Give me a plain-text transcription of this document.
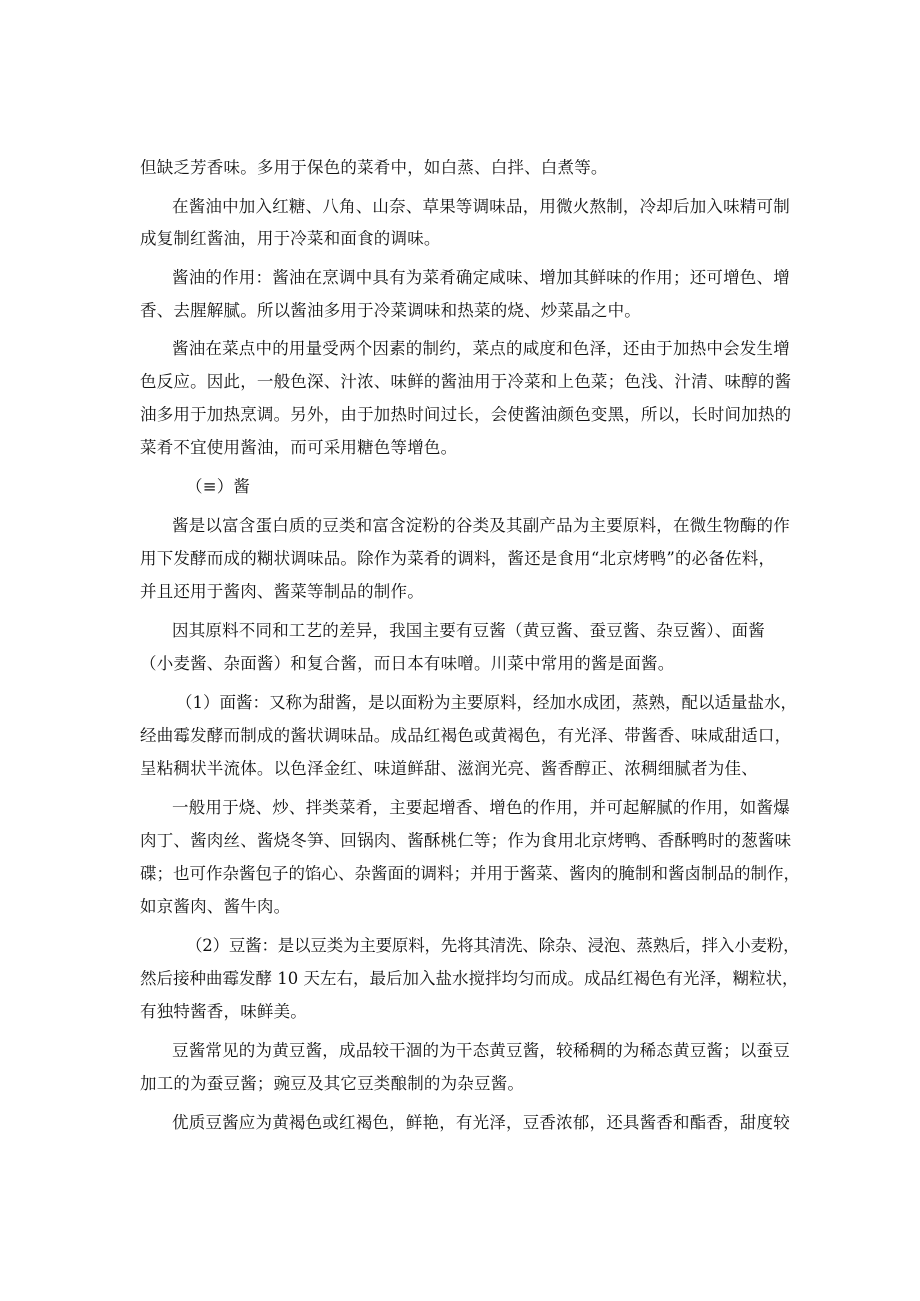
但缺乏芳香味。多用于保色的菜肴中，如白蒸、白拌、白煮等。
在酱油中加入红糖、八角、山奈、草果等调味品，用微火熬制，冷却后加入味精可制
成复制红酱油，用于冷菜和面食的调味。
酱油的作用：酱油在烹调中具有为菜肴确定咸味、增加其鲜味的作用；还可增色、增
香、去腥解腻。所以酱油多用于冷菜调味和热菜的烧、炒菜晶之中。
酱油在菜点中的用量受两个因素的制约，菜点的咸度和色泽，还由于加热中会发生增
色反应。因此，一般色深、汁浓、味鲜的酱油用于冷菜和上色菜；色浅、汁清、味醇的酱
油多用于加热烹调。另外，由于加热时间过长，会使酱油颜色变黑，所以，长时间加热的
菜肴不宜使用酱油，而可采用糖色等增色。
（≡）酱
酱是以富含蛋白质的豆类和富含淀粉的谷类及其副产品为主要原料，在微生物酶的作
用下发酵而成的糊状调味品。除作为菜肴的调料，酱还是食用“北京烤鸭”的必备佐料，
并且还用于酱肉、酱菜等制品的制作。
因其原料不同和工艺的差异，我国主要有豆酱（黄豆酱、蚕豆酱、杂豆酱）、面酱
（小麦酱、杂面酱）和复合酱，而日本有味噌。川菜中常用的酱是面酱。
（1）面酱：又称为甜酱，是以面粉为主要原料，经加水成团，蒸熟，配以适量盐水，
经曲霉发酵而制成的酱状调味品。成品红褐色或黄褐色，有光泽、带酱香、味咸甜适口，
呈粘稠状半流体。以色泽金红、味道鲜甜、滋润光亮、酱香醇正、浓稠细腻者为佳、
一般用于烧、炒、拌类菜肴，主要起增香、增色的作用，并可起解腻的作用，如酱爆
肉丁、酱肉丝、酱烧冬笋、回锅肉、酱酥桃仁等；作为食用北京烤鸭、香酥鸭时的葱酱味
碟；也可作杂酱包子的馅心、杂酱面的调料；并用于酱菜、酱肉的腌制和酱卤制品的制作，
如京酱肉、酱牛肉。
（2）豆酱：是以豆类为主要原料，先将其清洗、除杂、浸泡、蒸熟后，拌入小麦粉，
然后接种曲霉发酵 10 天左右，最后加入盐水搅拌均匀而成。成品红褐色有光泽，糊粒状，
有独特酱香，味鲜美。
豆酱常见的为黄豆酱，成品较干涸的为干态黄豆酱，较稀稠的为稀态黄豆酱；以蚕豆
加工的为蚕豆酱；豌豆及其它豆类酿制的为杂豆酱。
优质豆酱应为黄褐色或红褐色，鲜艳，有光泽，豆香浓郁，还具酱香和酯香，甜度较
